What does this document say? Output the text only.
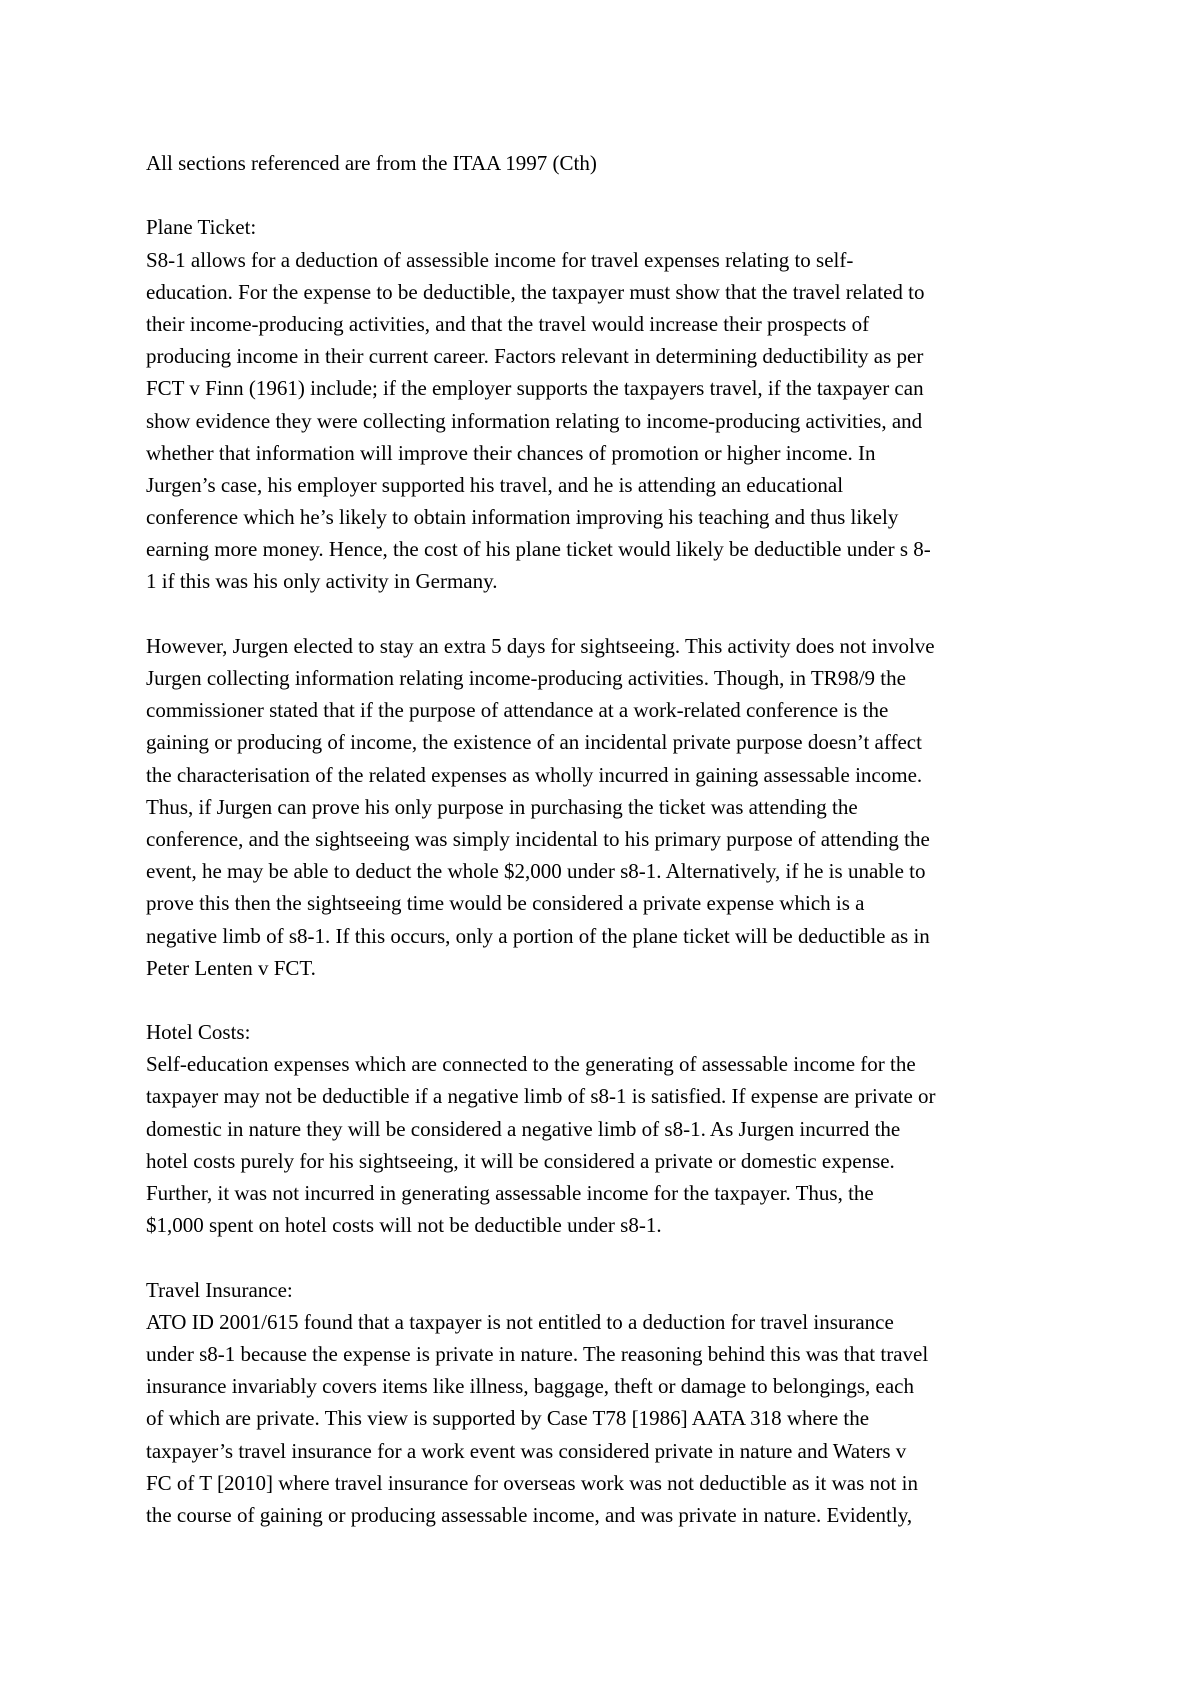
All sections referenced are from the ITAA 1997 (Cth)
Plane Ticket:
S8-1 allows for a deduction of assessible income for travel expenses relating to self-
education. For the expense to be deductible, the taxpayer must show that the travel related to
their income-producing activities, and that the travel would increase their prospects of
producing income in their current career. Factors relevant in determining deductibility as per
FCT v Finn (1961) include; if the employer supports the taxpayers travel, if the taxpayer can
show evidence they were collecting information relating to income-producing activities, and
whether that information will improve their chances of promotion or higher income. In
Jurgen’s case, his employer supported his travel, and he is attending an educational
conference which he’s likely to obtain information improving his teaching and thus likely
earning more money. Hence, the cost of his plane ticket would likely be deductible under s 8-
1 if this was his only activity in Germany.
However, Jurgen elected to stay an extra 5 days for sightseeing. This activity does not involve
Jurgen collecting information relating income-producing activities. Though, in TR98/9 the
commissioner stated that if the purpose of attendance at a work-related conference is the
gaining or producing of income, the existence of an incidental private purpose doesn’t affect
the characterisation of the related expenses as wholly incurred in gaining assessable income.
Thus, if Jurgen can prove his only purpose in purchasing the ticket was attending the
conference, and the sightseeing was simply incidental to his primary purpose of attending the
event, he may be able to deduct the whole $2,000 under s8-1. Alternatively, if he is unable to
prove this then the sightseeing time would be considered a private expense which is a
negative limb of s8-1. If this occurs, only a portion of the plane ticket will be deductible as in
Peter Lenten v FCT.
Hotel Costs:
Self-education expenses which are connected to the generating of assessable income for the
taxpayer may not be deductible if a negative limb of s8-1 is satisfied. If expense are private or
domestic in nature they will be considered a negative limb of s8-1. As Jurgen incurred the
hotel costs purely for his sightseeing, it will be considered a private or domestic expense.
Further, it was not incurred in generating assessable income for the taxpayer. Thus, the
$1,000 spent on hotel costs will not be deductible under s8-1.
Travel Insurance:
ATO ID 2001/615 found that a taxpayer is not entitled to a deduction for travel insurance
under s8-1 because the expense is private in nature. The reasoning behind this was that travel
insurance invariably covers items like illness, baggage, theft or damage to belongings, each
of which are private. This view is supported by Case T78 [1986] AATA 318 where the
taxpayer’s travel insurance for a work event was considered private in nature and Waters v
FC of T [2010] where travel insurance for overseas work was not deductible as it was not in
the course of gaining or producing assessable income, and was private in nature. Evidently,
